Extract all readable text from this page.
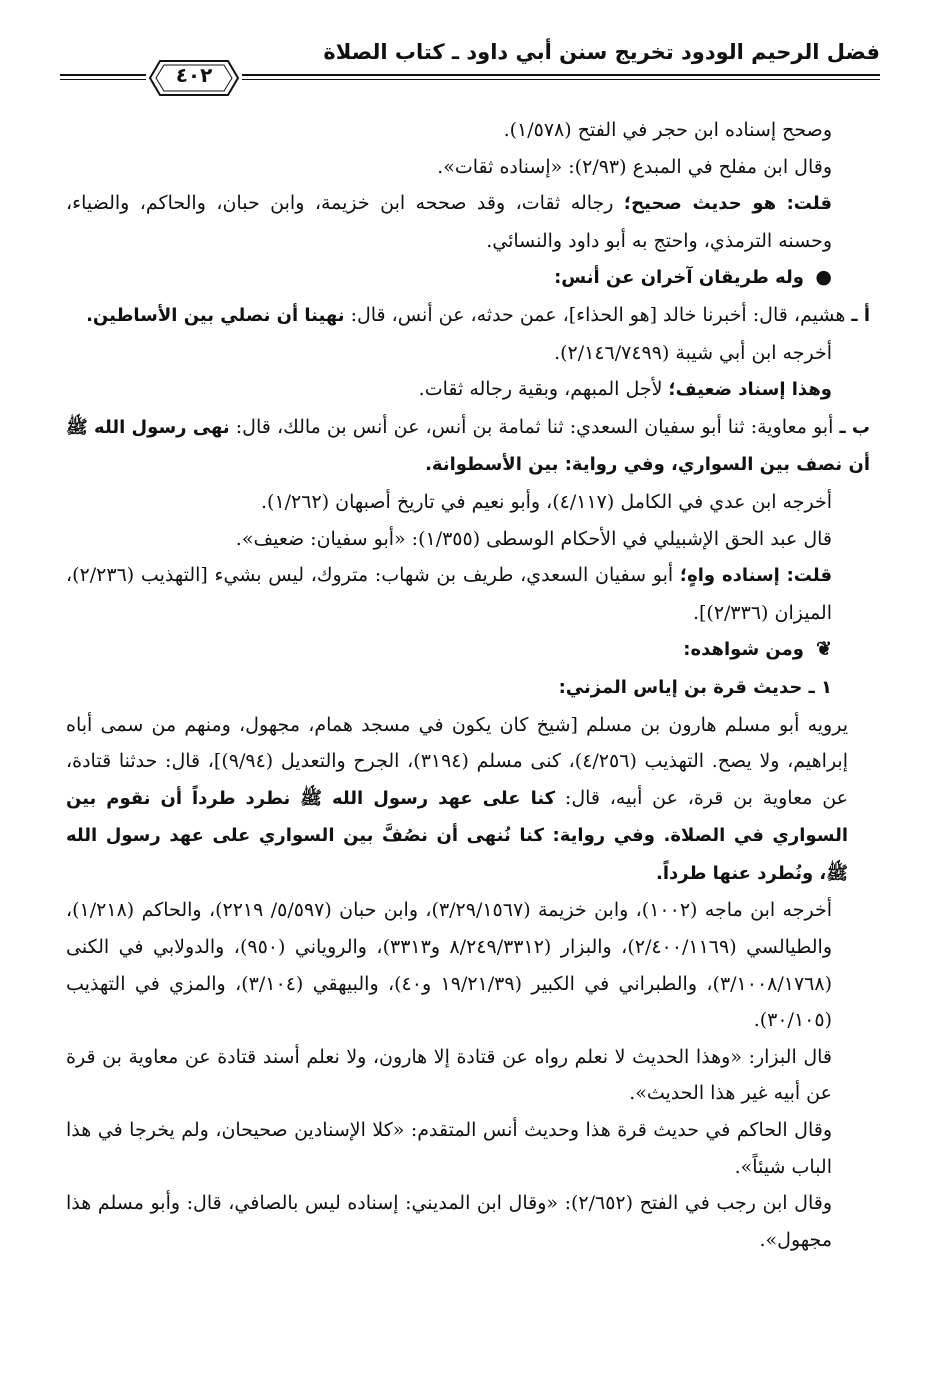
فضل الرحيم الودود تخريج سنن أبي داود ـ كتاب الصلاة
٤٠٢

وصحح إسناده ابن حجر في الفتح (١/٥٧٨).

وقال ابن مفلح في المبدع (٢/٩٣): «إسناده ثقات».

قلت: هو حديث صحيح؛ رجاله ثقات، وقد صححه ابن خزيمة، وابن حبان، والحاكم، والضياء، وحسنه الترمذي، واحتج به أبو داود والنسائي.

● وله طريقان آخران عن أنس:

أ ـ هشيم، قال: أخبرنا خالد [هو الحذاء]، عمن حدثه، عن أنس، قال: نهينا أن نصلي بين الأساطين.

أخرجه ابن أبي شيبة (٢/١٤٦/٧٤٩٩).

وهذا إسناد ضعيف؛ لأجل المبهم، وبقية رجاله ثقات.

ب ـ أبو معاوية: ثنا أبو سفيان السعدي: ثنا ثمامة بن أنس، عن أنس بن مالك، قال: نهى رسول الله ﷺ أن نصف بين السواري، وفي رواية: بين الأسطوانة.

أخرجه ابن عدي في الكامل (٤/١١٧)، وأبو نعيم في تاريخ أصبهان (١/٢٦٢).

قال عبد الحق الإشبيلي في الأحكام الوسطى (١/٣٥٥): «أبو سفيان: ضعيف».

قلت: إسناده واهٍ؛ أبو سفيان السعدي، طريف بن شهاب: متروك، ليس بشيء [التهذيب (٢/٢٣٦)، الميزان (٢/٣٣٦)].

❦ ومن شواهده:

١ ـ حديث قرة بن إياس المزني:

يرويه أبو مسلم هارون بن مسلم [شيخ كان يكون في مسجد همام، مجهول، ومنهم من سمى أباه إبراهيم، ولا يصح. التهذيب (٤/٢٥٦)، كنى مسلم (٣١٩٤)، الجرح والتعديل (٩/٩٤)]، قال: حدثنا قتادة، عن معاوية بن قرة، عن أبيه، قال: كنا على عهد رسول الله ﷺ نطرد طرداً أن نقوم بين السواري في الصلاة. وفي رواية: كنا نُنهى أن نصُفَّ بين السواري على عهد رسول الله ﷺ، ونُطرد عنها طرداً.

أخرجه ابن ماجه (١٠٠٢)، وابن خزيمة (٣/٢٩/١٥٦٧)، وابن حبان (٥/٥٩٧/ ٢٢١٩)، والحاكم (١/٢١٨)، والطيالسي (٢/٤٠٠/١١٦٩)، والبزار (٨/٢٤٩/٣٣١٢ و٣٣١٣)، والروياني (٩٥٠)، والدولابي في الكنى (٣/١٠٠٨/١٧٦٨)، والطبراني في الكبير (١٩/٢١/٣٩ و٤٠)، والبيهقي (٣/١٠٤)، والمزي في التهذيب (٣٠/١٠٥).

قال البزار: «وهذا الحديث لا نعلم رواه عن قتادة إلا هارون، ولا نعلم أسند قتادة عن معاوية بن قرة عن أبيه غير هذا الحديث».

وقال الحاكم في حديث قرة هذا وحديث أنس المتقدم: «كلا الإسنادين صحيحان، ولم يخرجا في هذا الباب شيئاً».

وقال ابن رجب في الفتح (٢/٦٥٢): «وقال ابن المديني: إسناده ليس بالصافي، قال: وأبو مسلم هذا مجهول».
